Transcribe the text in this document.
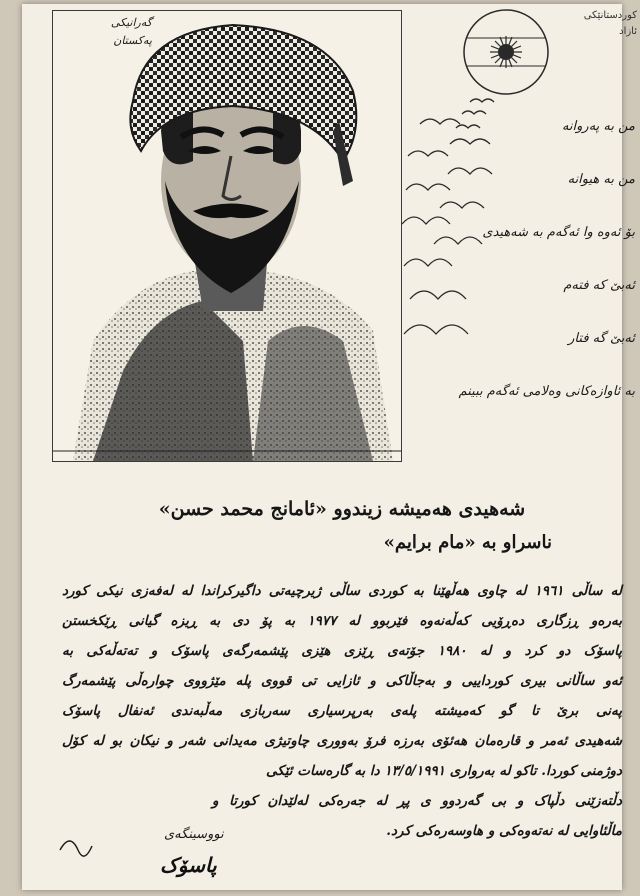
گەرانیکی
پەکستان
کوردستانێکی
ئازاد
من بە پەروانە
من بە هیوانە
بۆ ئەوە وا ئەگەم بە شەهیدی
ئەبێ کە فتەم
ئەبێ گە فتار
بە ئاوازەکانی وەلامی ئەگەم ببینم
شەهیدی هەمیشە زیندوو «ئامانج محمد حسن»
ناسراو بە «مام برایم»
لە ساڵی ١٩٦١ لە چاوی هەڵهێنا بە کوردی ساڵی ژیرچیەتی داگیرکراندا لە لەفەزی نیکی کورد
بەرەو ڕزگاری دەڕۆیی کەڵەنەوە فێربوو لە ١٩٧٧ بە پۆ دی بە ڕیزە گیانی ڕێکخستن
پاسۆک دو کرد و لە ١٩٨٠ جۆتەی ڕێزی هێزی پێشمەرگەی پاسۆک و تەتەڵەکی بە
ئەو ساڵانی بیری کورداییی و بەجاڵاکی و ئازایی تی قووی پلە مێژووی چوارەڵی پێشمەرگ
پەنی برێ تا گو کەمیشتە پلەی بەرپرسیاری سەربازی مەڵبەندی ئەنفال پاسۆک
شەهیدی ئەمر و قارەمان هەئۆی بەرزە فرۆ بەووری چاوتیژی مەیدانی شەر و نیکان بو لە کۆل
دوژمنی کوردا. تاکو لە بەرواری ١٣/٥/١٩٩١ دا بە گارەسات ئێکی
دڵتەزێنی دڵپاک و بی گەردوو ی پڕ لە جەرەکی لەلێدان کورتا و
ماڵئاوایی لە نەتەوەکی و هاوسەرەکی کرد.
نووسینگەی
پاسۆک
